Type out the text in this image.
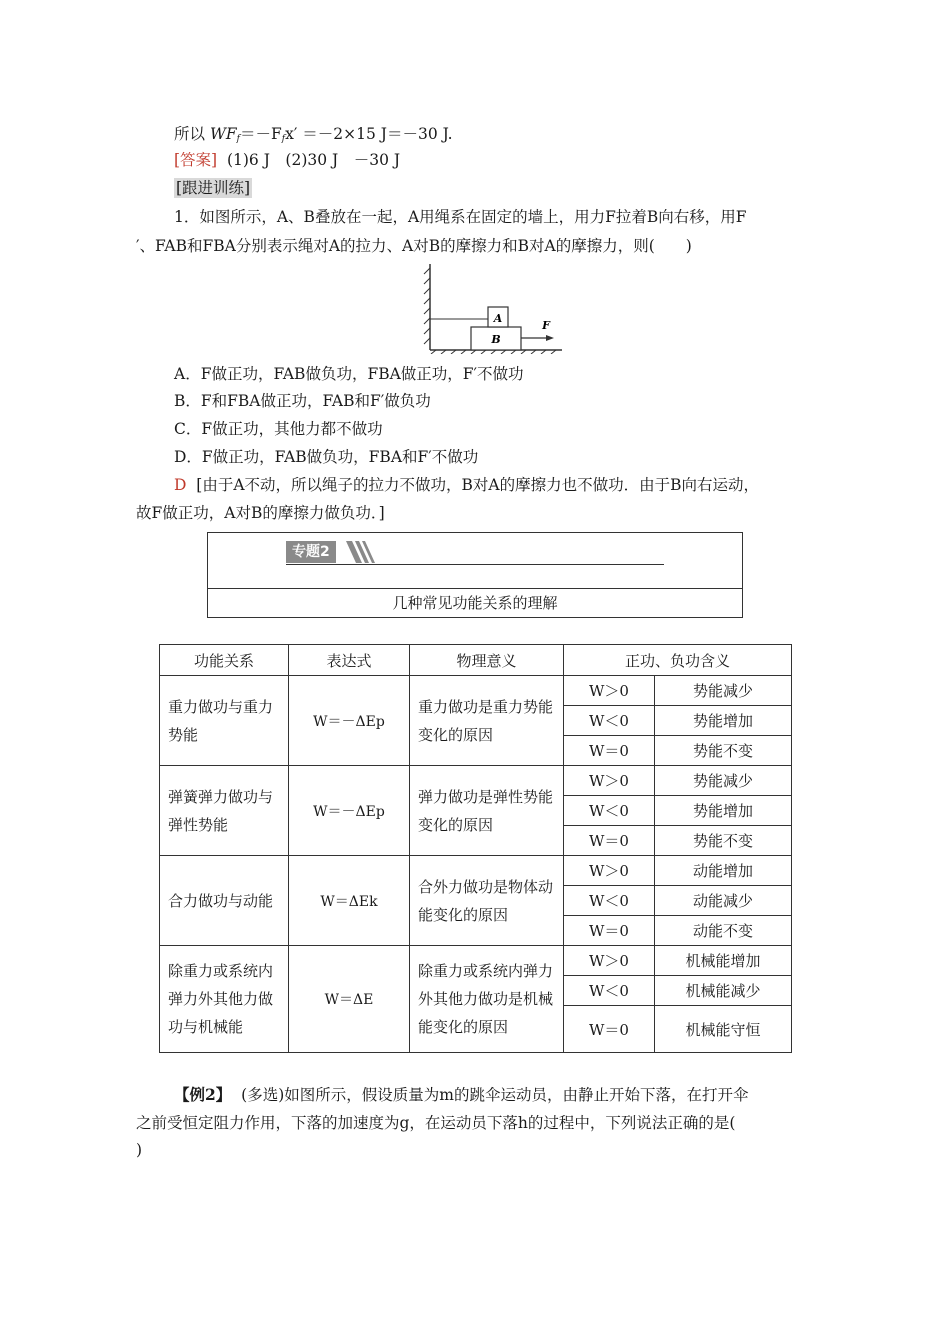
所以 $WF_f=-F_fx' =-2\times 15$ J＝－30 J.
[答案] (1)6 J　(2)30 J　－30 J
[跟进训练]
1．如图所示，A、B叠放在一起，A用绳系在固定的墙上，用力F拉着B向右移，用F
′、FAB和FBA分别表示绳对A的拉力、A对B的摩擦力和B对A的摩擦力，则(　　)
A
B
F
A．F做正功，FAB做负功，FBA做正功，F′不做功
B．F和FBA做正功，FAB和F′做负功
C．F做正功，其他力都不做功
D．F做正功，FAB做负功，FBA和F′不做功
D [由于A不动，所以绳子的拉力不做功，B对A的摩擦力也不做功．由于B向右运动，
故F做正功，A对B的摩擦力做负功．]
专题2
几种常见功能关系的理解
功能关系	表达式	物理意义	正功、负功含义	
重力做功与重力势能	W＝－ΔEp	重力做功是重力势能变化的原因	W＞0	势能减少
			W＜0	势能增加
			W＝0	势能不变
弹簧弹力做功与弹性势能	W＝－ΔEp	弹力做功是弹性势能变化的原因	W＞0	势能减少
			W＜0	势能增加
			W＝0	势能不变
合力做功与动能	W＝ΔEk	合外力做功是物体动能变化的原因	W＞0	动能增加
			W＜0	动能减少
			W＝0	动能不变
除重力或系统内弹力外其他力做功与机械能	W＝ΔE	除重力或系统内弹力外其他力做功是机械能变化的原因	W＞0	机械能增加
			W＜0	机械能减少
			W＝0	机械能守恒
【例2】 (多选)如图所示，假设质量为m的跳伞运动员，由静止开始下落，在打开伞
之前受恒定阻力作用，下落的加速度为g，在运动员下落h的过程中，下列说法正确的是(
)
